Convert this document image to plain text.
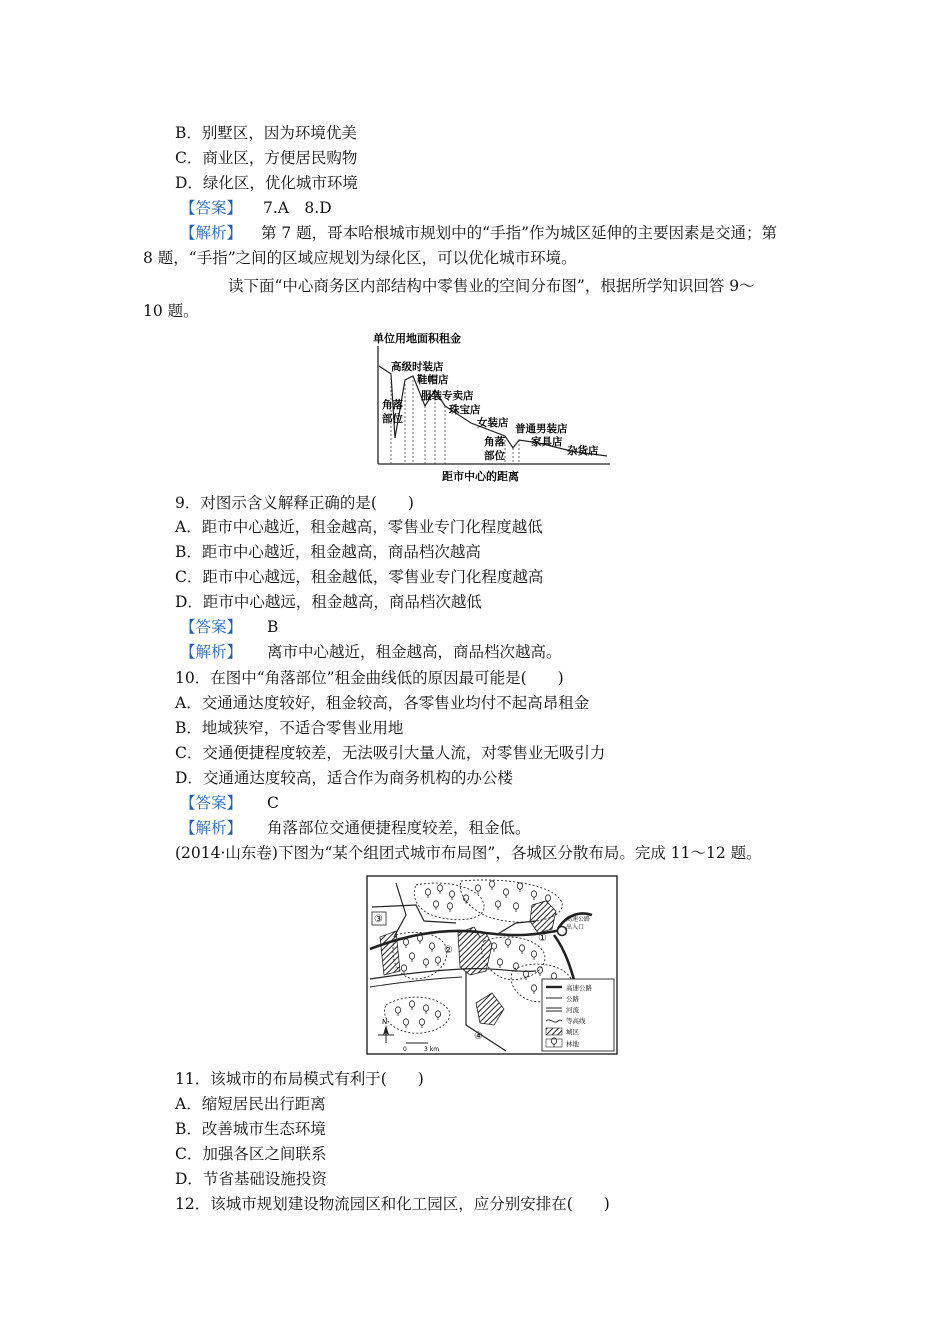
B．别墅区，因为环境优美
C．商业区，方便居民购物
D．绿化区，优化城市环境
【答案】 7.A　8.D
【解析】 第 7 题，哥本哈根城市规划中的“手指”作为城区延伸的主要因素是交通；第
8 题，“手指”之间的区域应规划为绿化区，可以优化城市环境。
读下面“中心商务区内部结构中零售业的空间分布图”，根据所学知识回答 9～
10 题。
单位用地面积租金
高级时装店
鞋帽店
角落
部位
服装专卖店
珠宝店
女装店
角落
部位
普通男装店
家具店
杂货店
距市中心的距离
9．对图示含义解释正确的是(　　)
A．距市中心越近，租金越高，零售业专门化程度越低
B．距市中心越近，租金越高，商品档次越高
C．距市中心越远，租金越低，零售业专门化程度越高
D．距市中心越远，租金越高，商品档次越低
【答案】 B
【解析】 离市中心越近，租金越高，商品档次越高。
10．在图中“角落部位”租金曲线低的原因最可能是(　　)
A．交通通达度较好，租金较高，各零售业均付不起高昂租金
B．地域狭窄，不适合零售业用地
C．交通便捷程度较差，无法吸引大量人流，对零售业无吸引力
D．交通通达度较高，适合作为商务机构的办公楼
【答案】 C
【解析】 角落部位交通便捷程度较差，租金低。
(2014·山东卷)下图为“某个组团式城市布局图”，各城区分散布局。完成 11～12 题。
③
②
①
④
高速公路
出入口
高速公路
公路
河流
等高线
城区
林地
N
0	3 km
11．该城市的布局模式有利于(　　)
A．缩短居民出行距离
B．改善城市生态环境
C．加强各区之间联系
D．节省基础设施投资
12．该城市规划建设物流园区和化工园区，应分别安排在(　　)
